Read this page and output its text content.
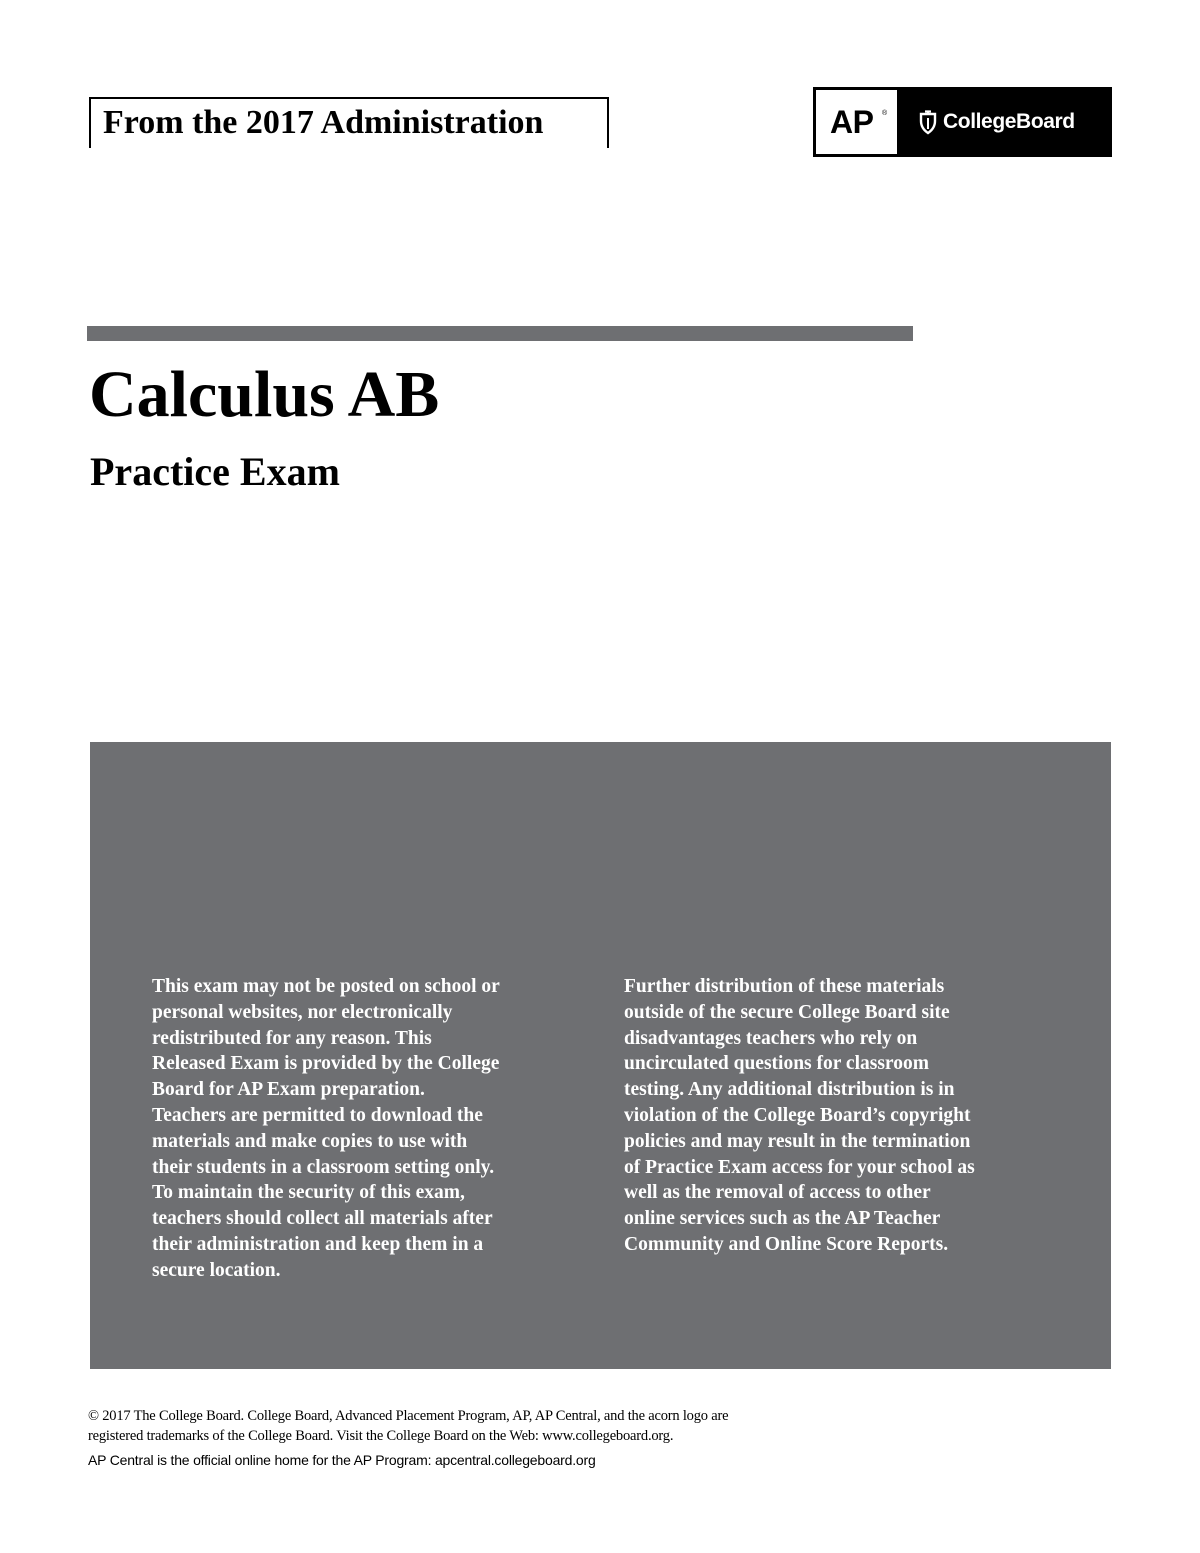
From the 2017 Administration	AP ®	CollegeBoard
Calculus AB
Practice Exam
This exam may not be posted on school or
personal websites, nor electronically
redistributed for any reason. This
Released Exam is provided by the College
Board for AP Exam preparation.
Teachers are permitted to download the
materials and make copies to use with
their students in a classroom setting only.
To maintain the security of this exam,
teachers should collect all materials after
their administration and keep them in a
secure location.
Further distribution of these materials
outside of the secure College Board site
disadvantages teachers who rely on
uncirculated questions for classroom
testing. Any additional distribution is in
violation of the College Board’s copyright
policies and may result in the termination
of Practice Exam access for your school as
well as the removal of access to other
online services such as the AP Teacher
Community and Online Score Reports.
© 2017 The College Board. College Board, Advanced Placement Program, AP, AP Central, and the acorn logo are
registered trademarks of the College Board. Visit the College Board on the Web: www.collegeboard.org.
AP Central is the official online home for the AP Program: apcentral.collegeboard.org
